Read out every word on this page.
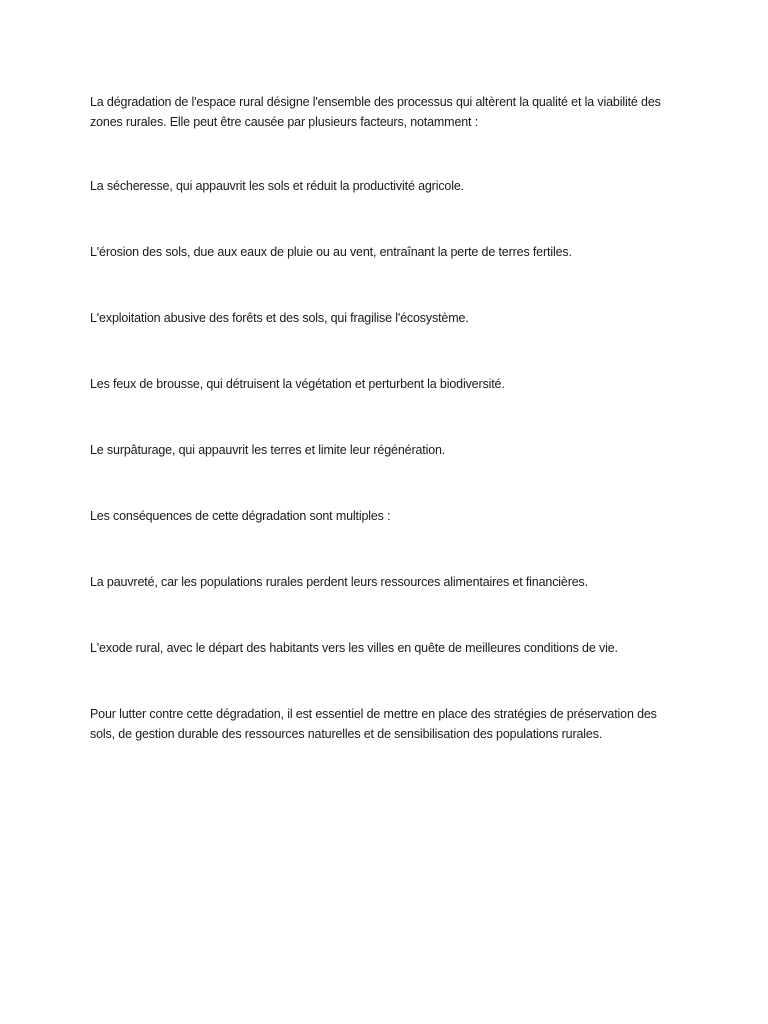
La dégradation de l'espace rural désigne l'ensemble des processus qui altèrent la qualité et la viabilité des zones rurales. Elle peut être causée par plusieurs facteurs, notamment :

La sécheresse, qui appauvrit les sols et réduit la productivité agricole.

L'érosion des sols, due aux eaux de pluie ou au vent, entraînant la perte de terres fertiles.

L'exploitation abusive des forêts et des sols, qui fragilise l'écosystème.

Les feux de brousse, qui détruisent la végétation et perturbent la biodiversité.

Le surpâturage, qui appauvrit les terres et limite leur régénération.

Les conséquences de cette dégradation sont multiples :

La pauvreté, car les populations rurales perdent leurs ressources alimentaires et financières.

L'exode rural, avec le départ des habitants vers les villes en quête de meilleures conditions de vie.

Pour lutter contre cette dégradation, il est essentiel de mettre en place des stratégies de préservation des sols, de gestion durable des ressources naturelles et de sensibilisation des populations rurales.
